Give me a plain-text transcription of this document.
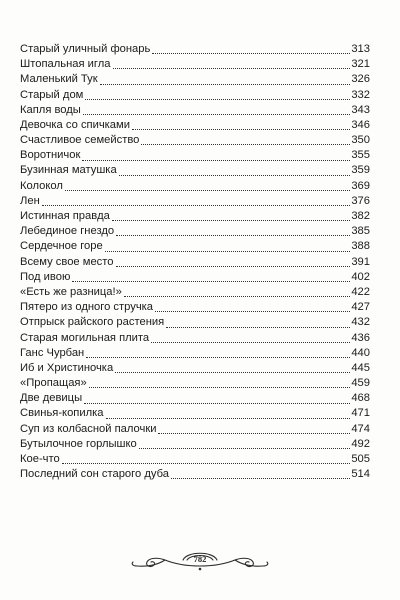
Старый уличный фонарь	313
Штопальная игла	321
Маленький Тук	326
Старый дом	332
Капля воды	343
Девочка со спичками	346
Счастливое семейство	350
Воротничок	355
Бузинная матушка	359
Колокол	369
Лен	376
Истинная правда	382
Лебединое гнездо	385
Сердечное горе	388
Всему свое место	391
Под ивою	402
«Есть же разница!»	422
Пятеро из одного стручка	427
Отпрыск райского растения	432
Старая могильная плита	436
Ганс Чурбан	440
Иб и Христиночка	445
«Пропащая»	459
Две девицы	468
Свинья-копилка	471
Суп из колбасной палочки	474
Бутылочное горлышко	492
Кое-что	505
Последний сон старого дуба	514
782
